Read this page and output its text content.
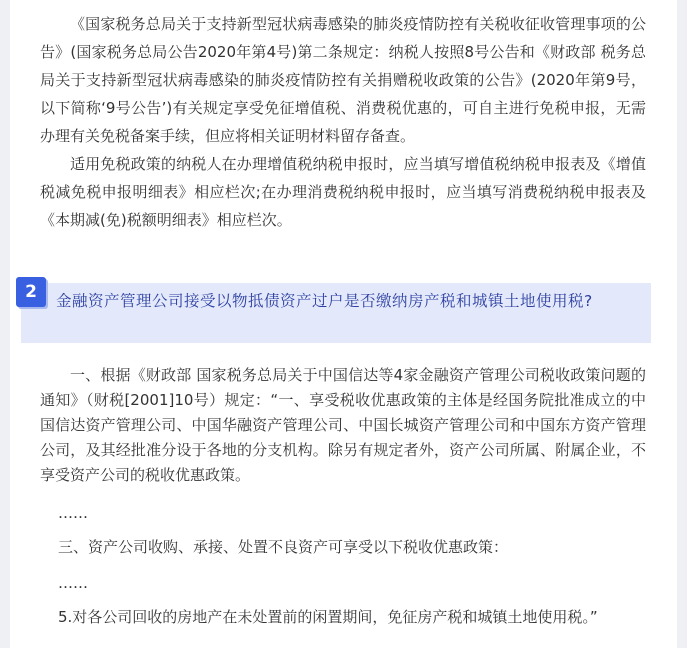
《国家税务总局关于支持新型冠状病毒感染的肺炎疫情防控有关税收征收管理事项的公告》(国家税务总局公告2020年第4号)第二条规定：纳税人按照8号公告和《财政部 税务总局关于支持新型冠状病毒感染的肺炎疫情防控有关捐赠税收政策的公告》(2020年第9号，以下简称‘9号公告’)有关规定享受免征增值税、消费税优惠的，可自主进行免税申报，无需办理有关免税备案手续，但应将相关证明材料留存备查。

适用免税政策的纳税人在办理增值税纳税申报时，应当填写增值税纳税申报表及《增值税减免税申报明细表》相应栏次;在办理消费税纳税申报时，应当填写消费税纳税申报表及《本期减(免)税额明细表》相应栏次。

金融资产管理公司接受以物抵债资产过户是否缴纳房产税和城镇土地使用税?

2

一、根据《财政部 国家税务总局关于中国信达等4家金融资产管理公司税收政策问题的通知》（财税[2001]10号）规定：“一、享受税收优惠政策的主体是经国务院批准成立的中国信达资产管理公司、中国华融资产管理公司、中国长城资产管理公司和中国东方资产管理公司，及其经批准分设于各地的分支机构。除另有规定者外，资产公司所属、附属企业，不享受资产公司的税收优惠政策。

……

三、资产公司收购、承接、处置不良资产可享受以下税收优惠政策：

……

5.对各公司回收的房地产在未处置前的闲置期间，免征房产税和城镇土地使用税。”
